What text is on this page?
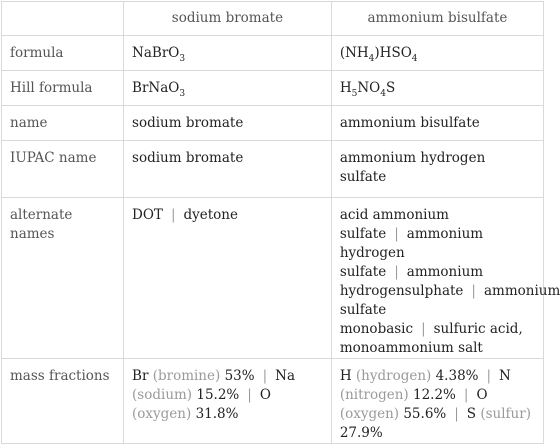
	sodium bromate	ammonium bisulfate
formula	NaBrO$_3$	$(NH_4)HSO_4$
Hill formula	BrNaO$_3$	$H_5NO_4S$
name	sodium bromate	ammonium bisulfate
IUPAC name	sodium bromate	ammonium hydrogen sulfate
alternate names	DOT | dyetone	acid ammonium sulfate | ammonium hydrogen sulfate | ammonium hydrogensulphate | ammonium sulfate monobasic | sulfuric acid, monoammonium salt
mass fractions	Br (bromine) 53% | Na (sodium) 15.2% | O (oxygen) 31.8%	H (hydrogen) 4.38% | N (nitrogen) 12.2% | O (oxygen) 55.6% | S (sulfur) 27.9%
